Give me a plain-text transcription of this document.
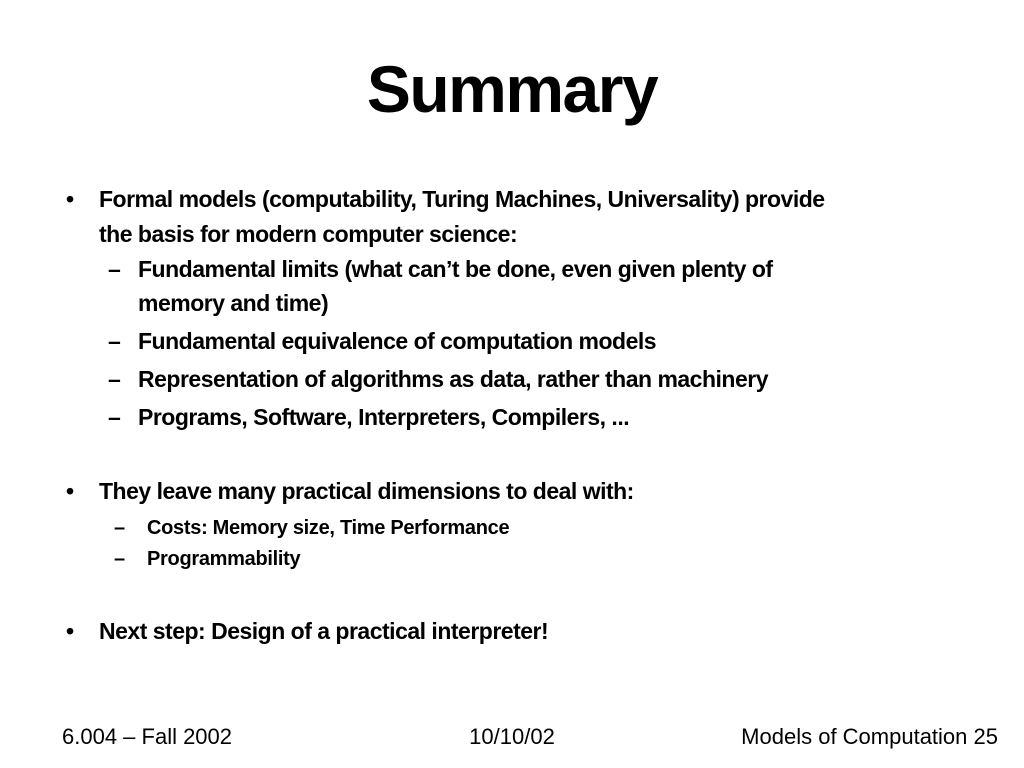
Summary
•	Formal models (computability, Turing Machines, Universality) provide
the basis for modern computer science:
– Fundamental limits (what can’t be done, even given plenty of
memory and time)
– Fundamental equivalence of computation models
– Representation of algorithms as data, rather than machinery
– Programs, Software, Interpreters, Compilers, ...
•	They leave many practical dimensions to deal with:
–	Costs: Memory size, Time Performance
–	Programmability
•	Next step: Design of a practical interpreter!
6.004 – Fall 2002	10/10/02	Models of Computation 25
